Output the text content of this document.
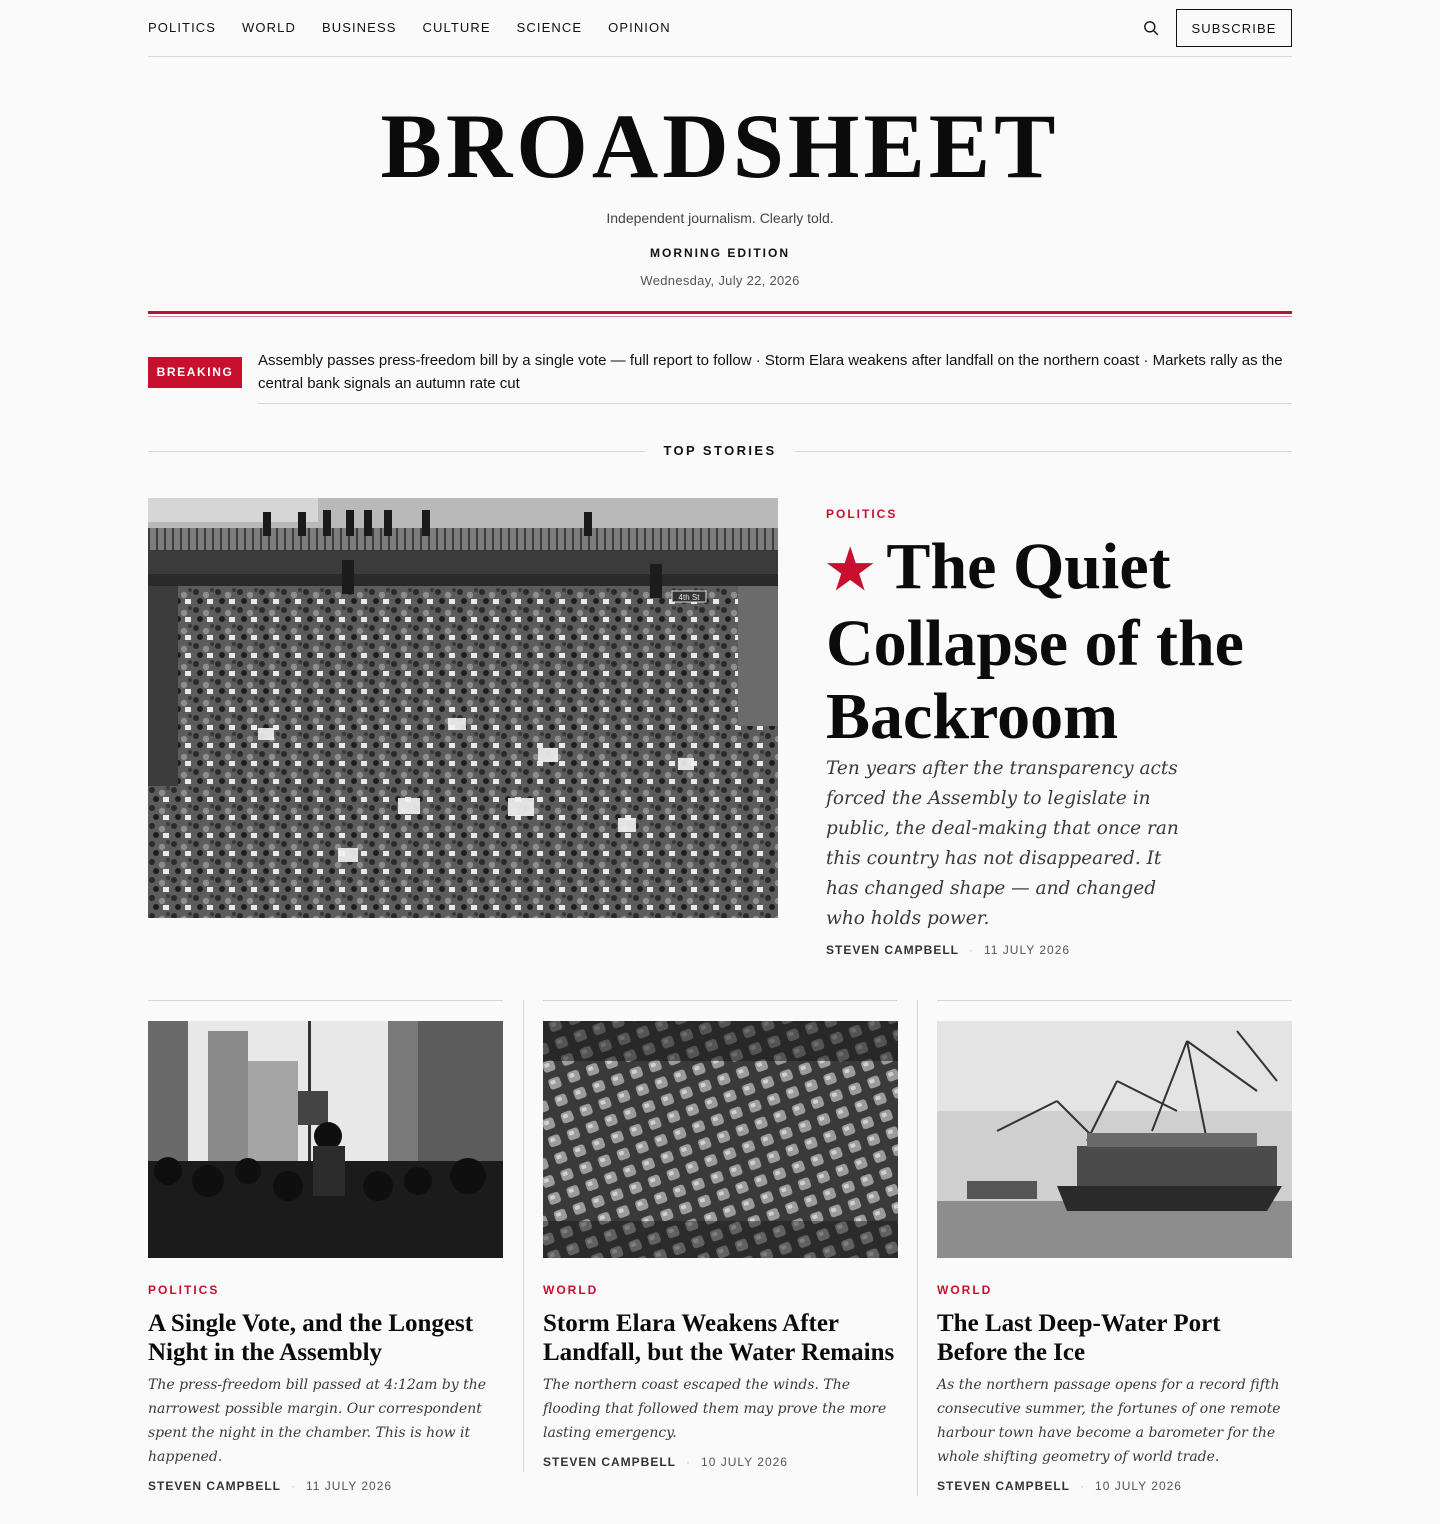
POLITICS WORLD BUSINESS CULTURE SCIENCE OPINION	SUBSCRIBE
BROADSHEET
Independent journalism. Clearly told.
MORNING EDITION
Wednesday, July 22, 2026
BREAKING
Assembly passes press-freedom bill by a single vote — full report to follow · Storm Elara weakens after landfall on the northern coast · Markets rally as the central bank signals an autumn rate cut
TOP STORIES
4th St
POLITICS
★ The Quiet Collapse of the Backroom

Ten years after the transparency acts forced the Assembly to legislate in public, the deal-making that once ran this country has not disappeared. It has changed shape — and changed who holds power.

STEVEN CAMPBELL · 11 JULY 2026
POLITICS
A Single Vote, and the Longest Night in the Assembly

The press-freedom bill passed at 4:12am by the narrowest possible margin. Our correspondent spent the night in the chamber. This is how it happened.

STEVEN CAMPBELL · 11 JULY 2026
WORLD
Storm Elara Weakens After Landfall, but the Water Remains

The northern coast escaped the winds. The flooding that followed them may prove the more lasting emergency.

STEVEN CAMPBELL · 10 JULY 2026
WORLD
The Last Deep-Water Port Before the Ice

As the northern passage opens for a record fifth consecutive summer, the fortunes of one remote harbour town have become a barometer for the whole shifting geometry of world trade.

STEVEN CAMPBELL · 10 JULY 2026
